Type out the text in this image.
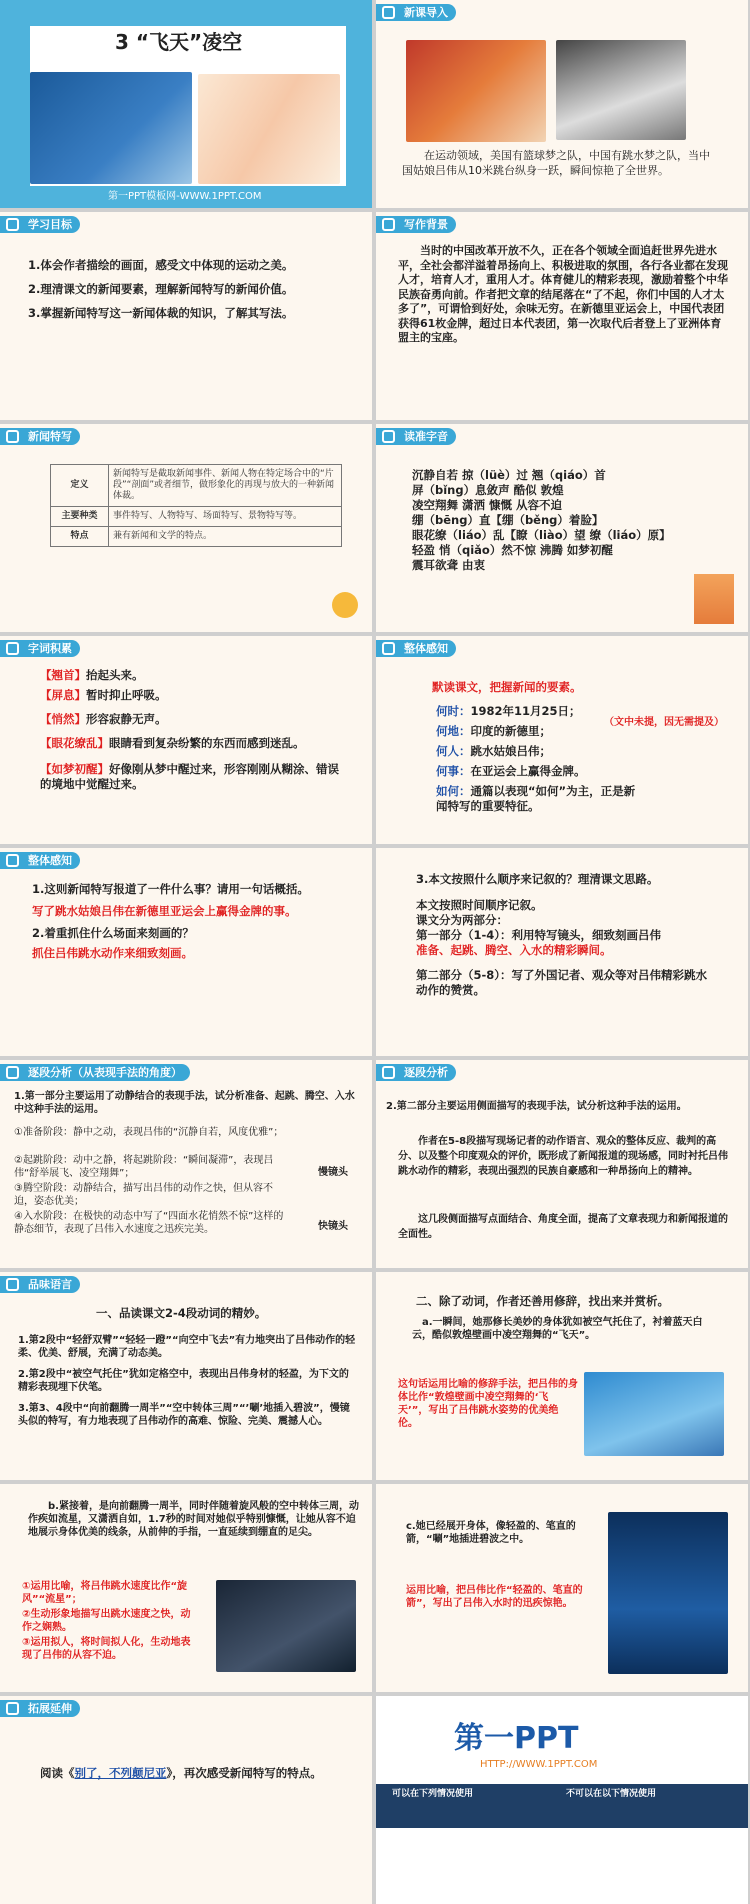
3 “飞天”凌空
第一PPT模板网-WWW.1PPT.COM
新课导入
在运动领域，美国有篮球梦之队，中国有跳水梦之队，当中国姑娘吕伟从10米跳台纵身一跃，瞬间惊艳了全世界。
学习目标
1.体会作者描绘的画面，感受文中体现的运动之美。
2.理清课文的新闻要素，理解新闻特写的新闻价值。
3.掌握新闻特写这一新闻体裁的知识，了解其写法。
写作背景
当时的中国改革开放不久，正在各个领域全面追赶世界先进水平，全社会都洋溢着昂扬向上、积极进取的氛围，各行各业都在发现人才，培育人才，重用人才。体育健儿的精彩表现，激励着整个中华民族奋勇向前。作者把文章的结尾落在“了不起，你们中国的人才太多了”，可谓恰到好处，余味无穷。在新德里亚运会上，中国代表团获得61枚金牌，超过日本代表团，第一次取代后者登上了亚洲体育盟主的宝座。
新闻特写
定义	新闻特写是截取新闻事件、新闻人物在特定场合中的“片段”“剖面”或者细节，做形象化的再现与放大的一种新闻体裁。
主要种类	事件特写、人物特写、场面特写、景物特写等。
特点	兼有新闻和文学的特点。
读准字音
沉静自若 掠（lüè）过 翘（qiáo）首
屏（bǐng）息敛声 酷似 敦煌
凌空翔舞 潇洒 慷慨 从容不迫
绷（bēng）直【绷（běng）着脸】
眼花缭（liáo）乱【瞭（liào）望 缭（liáo）原】
轻盈 悄（qiǎo）然不惊 沸腾 如梦初醒
震耳欲聋 由衷
字词积累
【翘首】抬起头来。
【屏息】暂时抑止呼吸。
【悄然】形容寂静无声。
【眼花缭乱】眼睛看到复杂纷繁的东西而感到迷乱。
【如梦初醒】好像刚从梦中醒过来，形容刚刚从糊涂、错误的境地中觉醒过来。
整体感知
默读课文，把握新闻的要素。
何时：1982年11月25日；
（文中未提，因无需提及）
何地：印度的新德里；
何人：跳水姑娘吕伟；
何事：在亚运会上赢得金牌。
如何：通篇以表现“如何”为主，正是新闻特写的重要特征。
整体感知
1.这则新闻特写报道了一件什么事？请用一句话概括。
写了跳水姑娘吕伟在新德里亚运会上赢得金牌的事。
2.着重抓住什么场面来刻画的？
抓住吕伟跳水动作来细致刻画。
3.本文按照什么顺序来记叙的？理清课文思路。
本文按照时间顺序记叙。
课文分为两部分：
第一部分（1-4）：利用特写镜头，细致刻画吕伟
准备、起跳、腾空、入水的精彩瞬间。
第二部分（5-8）：写了外国记者、观众等对吕伟精彩跳水动作的赞赏。
逐段分析（从表现手法的角度）
1.第一部分主要运用了动静结合的表现手法，试分析准备、起跳、腾空、入水中这种手法的运用。
①准备阶段：静中之动，表现吕伟的“沉静自若，风度优雅”；
②起跳阶段：动中之静，将起跳阶段：“瞬间凝滞”，表现吕伟“舒举展飞、凌空翔舞”；
③腾空阶段：动静结合，描写出吕伟的动作之快，但从容不迫，姿态优美；
④入水阶段：在极快的动态中写了“四面水花悄然不惊”这样的静态细节，表现了吕伟入水速度之迅疾完美。
慢镜头
快镜头
逐段分析
2.第二部分主要运用侧面描写的表现手法，试分析这种手法的运用。
作者在5-8段描写现场记者的动作语言、观众的整体反应、裁判的高分、以及整个印度观众的评价，既形成了新闻报道的现场感，同时衬托吕伟跳水动作的精彩，表现出强烈的民族自豪感和一种昂扬向上的精神。
这几段侧面描写点面结合、角度全面，提高了文章表现力和新闻报道的全面性。
品味语言
一、品读课文2-4段动词的精妙。
1.第2段中“轻舒双臂”“轻轻一蹬”“向空中飞去”有力地突出了吕伟动作的轻柔、优美、舒展，充满了动态美。
2.第2段中“被空气托住”犹如定格空中，表现出吕伟身材的轻盈，为下文的精彩表现埋下伏笔。
3.第3、4段中“向前翻腾一周半”“空中转体三周”“’唰’地插入碧波”，慢镜头似的特写，有力地表现了吕伟动作的高难、惊险、完美、震撼人心。
二、除了动词，作者还善用修辞，找出来并赏析。
a.一瞬间，她那修长美妙的身体犹如被空气托住了，衬着蓝天白云，酷似敦煌壁画中凌空翔舞的“飞天”。
这句话运用比喻的修辞手法，把吕伟的身体比作“敦煌壁画中凌空翔舞的‘飞天’”，写出了吕伟跳水姿势的优美绝伦。
b.紧接着，是向前翻腾一周半，同时伴随着旋风般的空中转体三周，动作疾如流星，又潇洒自如，1.7秒的时间对她似乎特别慷慨，让她从容不迫地展示身体优美的线条，从前伸的手指，一直延续到绷直的足尖。
①运用比喻，将吕伟跳水速度比作“旋风”“流星”；
②生动形象地描写出跳水速度之快，动作之娴熟。
③运用拟人，将时间拟人化，生动地表现了吕伟的从容不迫。
c.她已经展开身体，像轻盈的、笔直的箭，“唰”地插进碧波之中。
运用比喻，把吕伟比作“轻盈的、笔直的箭”，写出了吕伟入水时的迅疾惊艳。
拓展延伸
阅读《别了，不列颠尼亚》，再次感受新闻特写的特点。
第一PPT
HTTP://WWW.1PPT.COM
可以在下列情况使用	不可以在以下情况使用
